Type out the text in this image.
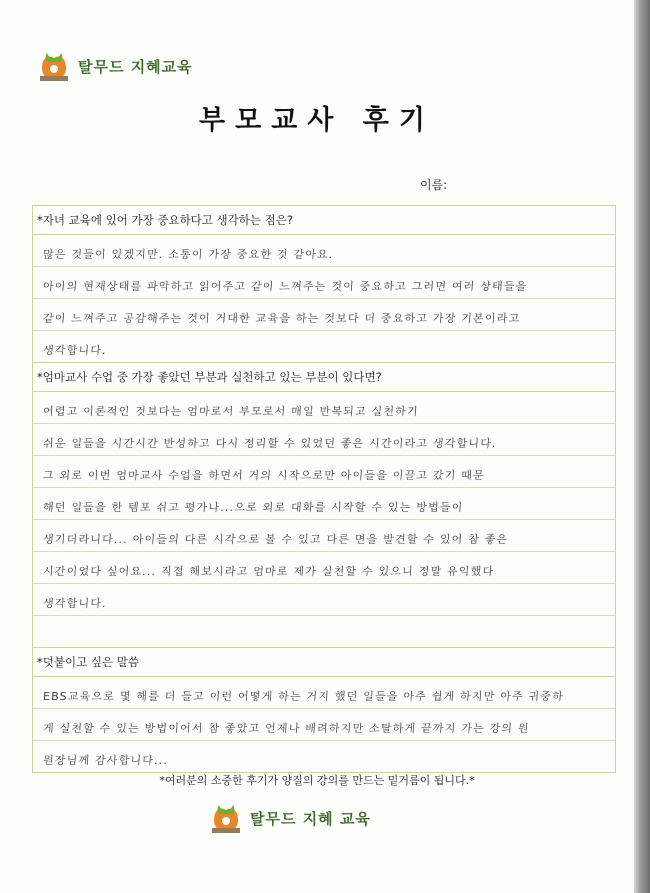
탈무드 지혜교육
부모교사 후기
이름:
*자녀 교육에 있어 가장 중요하다고 생각하는 점은?
많은 것들이 있겠지만. 소통이 가장 중요한 것 같아요.
아이의 현재상태를 파악하고 읽어주고 같이 느껴주는 것이 중요하고 그러면 여러 상태들을
같이 느껴주고 공감해주는 것이 거대한 교육을 하는 것보다 더 중요하고 가장 기본이라고
생각합니다.
*엄마교사 수업 중 가장 좋았던 부분과 실천하고 있는 부분이 있다면?
어렵고 이론적인 것보다는 엄마로서 부모로서 매일 반복되고 실천하기
쉬운 일들을 시간시간 반성하고 다시 정리할 수 있었던 좋은 시간이라고 생각합니다.
그 외로 이번 엄마교사 수업을 하면서 거의 시작으로만 아이들을 이끌고 갔기 때문
해던 일들을 한 템포 쉬고 평가나...으로 외로 대화를 시작할 수 있는 방법들이
생기더라니다... 아이들의 다른 시각으로 볼 수 있고 다른 면을 발견할 수 있어 참 좋은
시간이었다 싶어요... 직접 해보시라고 엄마로 제가 실천할 수 있으니 정말 유익했다
생각합니다.
*덧붙이고 싶은 말씀
EBS교육으로 몇 해를 더 들고 이런 어떻게 하는 거지 했던 일들을 아주 쉽게 하지만 아주 귀중하
게 실천할 수 있는 방법이어서 참 좋았고 언제나 배려하지만 소탈하게 끝까지 가는 강의 원
원장님께 감사합니다...
*여러분의 소중한 후기가 양질의 강의를 만드는 밑거름이 됩니다.*
탈무드 지혜 교육
